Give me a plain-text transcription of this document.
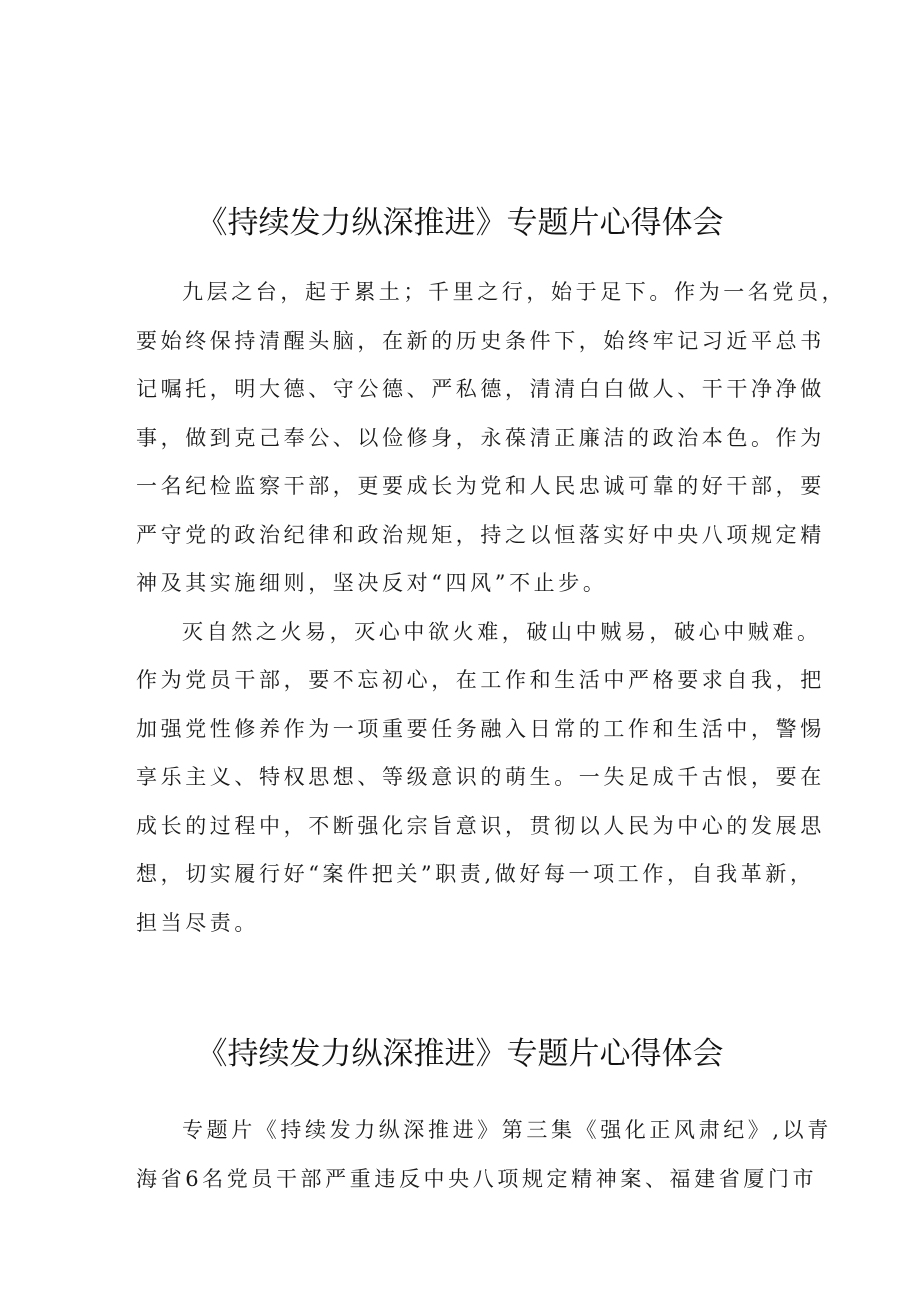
《持续发力纵深推进》专题片心得体会
九层之台，起于累土；千里之行，始于足下。作为一名党员，
要始终保持清醒头脑，在新的历史条件下，始终牢记习近平总书
记嘱托，明大德、守公德、严私德，清清白白做人、干干净净做
事，做到克己奉公、以俭修身，永葆清正廉洁的政治本色。作为
一名纪检监察干部，更要成长为党和人民忠诚可靠的好干部，要
严守党的政治纪律和政治规矩，持之以恒落实好中央八项规定精
神及其实施细则，坚决反对“四风”不止步。
灭自然之火易，灭心中欲火难，破山中贼易，破心中贼难。
作为党员干部，要不忘初心，在工作和生活中严格要求自我，把
加强党性修养作为一项重要任务融入日常的工作和生活中，警惕
享乐主义、特权思想、等级意识的萌生。一失足成千古恨，要在
成长的过程中，不断强化宗旨意识，贯彻以人民为中心的发展思
想，切实履行好“案件把关”职责,做好每一项工作，自我革新，
担当尽责。
《持续发力纵深推进》专题片心得体会
专题片《持续发力纵深推进》第三集《强化正风肃纪》,以青
海省6名党员干部严重违反中央八项规定精神案、福建省厦门市
